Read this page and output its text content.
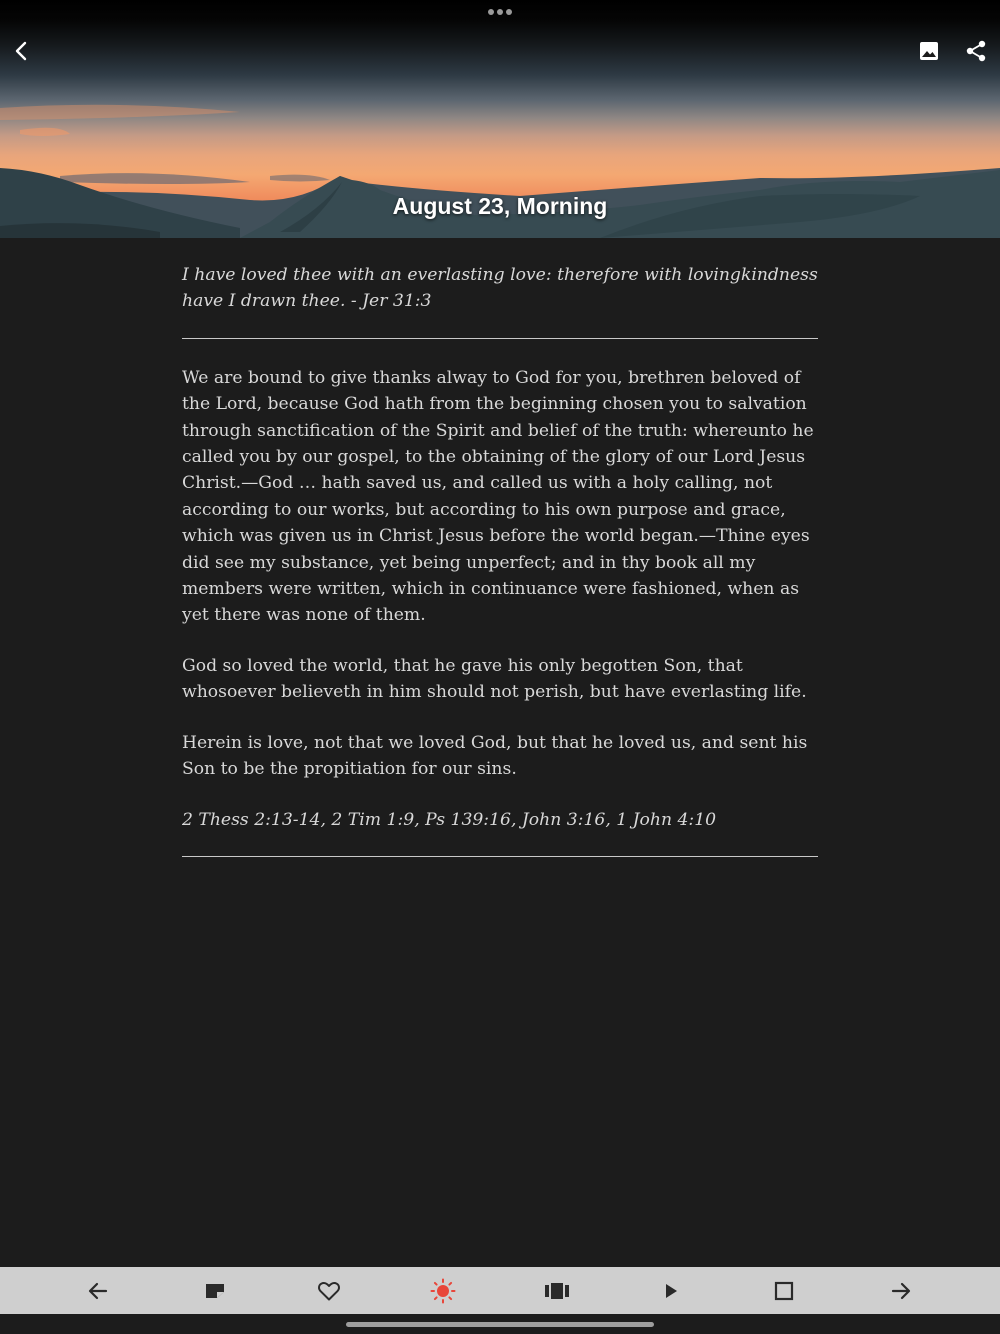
August 23, Morning

I have loved thee with an everlasting love: therefore with lovingkindness have I drawn thee. - Jer 31:3

We are bound to give thanks alway to God for you, brethren beloved of the Lord, because God hath from the beginning chosen you to salvation through sanctification of the Spirit and belief of the truth: whereunto he called you by our gospel, to the obtaining of the glory of our Lord Jesus Christ.—God … hath saved us, and called us with a holy calling, not according to our works, but according to his own purpose and grace, which was given us in Christ Jesus before the world began.—Thine eyes did see my substance, yet being unperfect; and in thy book all my members were written, which in continuance were fashioned, when as yet there was none of them.

God so loved the world, that he gave his only begotten Son, that whosoever believeth in him should not perish, but have everlasting life.

Herein is love, not that we loved God, but that he loved us, and sent his Son to be the propitiation for our sins.

2 Thess 2:13-14, 2 Tim 1:9, Ps 139:16, John 3:16, 1 John 4:10
